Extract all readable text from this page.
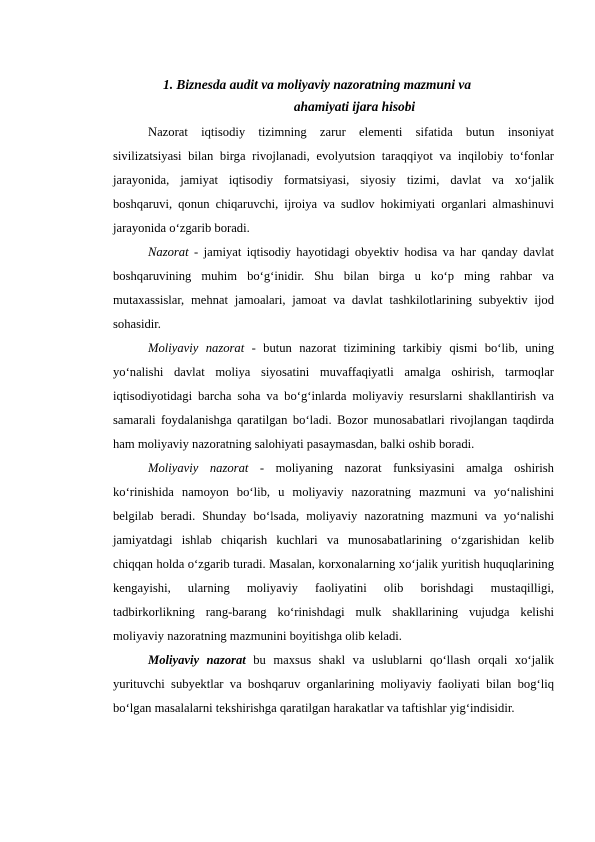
1. Biznesda audit va moliyaviy nazoratning mazmuni va
ahamiyati ijara hisobi

Nazorat iqtisodiy tizimning zarur elementi sifatida butun insoniyat sivilizatsiyasi bilan birga rivojlanadi, evolyutsion taraqqiyot va inqilobiy to‘fonlar jarayonida, jamiyat iqtisodiy formatsiyasi, siyosiy tizimi, davlat va xo‘jalik boshqaruvi, qonun chiqaruvchi, ijroiya va sudlov hokimiyati organlari almashinuvi jarayonida o‘zgarib boradi.

Nazorat - jamiyat iqtisodiy hayotidagi obyektiv hodisa va har qanday davlat boshqaruvining muhim bo‘g‘inidir. Shu bilan birga u ko‘p ming rahbar va mutaxassislar, mehnat jamoalari, jamoat va davlat tashkilotlarining subyektiv ijod sohasidir.

Moliyaviy nazorat - butun nazorat tizimining tarkibiy qismi bo‘lib, uning yo‘nalishi davlat moliya siyosatini muvaffaqiyatli amalga oshirish, tarmoqlar iqtisodiyotidagi barcha soha va bo‘g‘inlarda moliyaviy resurslarni shakllantirish va samarali foydalanishga qaratilgan bo‘ladi. Bozor munosabatlari rivojlangan taqdirda ham moliyaviy nazoratning salohiyati pasaymasdan, balki oshib boradi.

Moliyaviy nazorat - moliyaning nazorat funksiyasini amalga oshirish ko‘rinishida namoyon bo‘lib, u moliyaviy nazoratning mazmuni va yo‘nalishini belgilab beradi. Shunday bo‘lsada, moliyaviy nazoratning mazmuni va yo‘nalishi jamiyatdagi ishlab chiqarish kuchlari va munosabatlarining o‘zgarishidan kelib chiqqan holda o‘zgarib turadi. Masalan, korxonalarning xo‘jalik yuritish huquqlarining kengayishi, ularning moliyaviy faoliyatini olib borishdagi mustaqilligi, tadbirkorlikning rang-barang ko‘rinishdagi mulk shakllarining vujudga kelishi moliyaviy nazoratning mazmunini boyitishga olib keladi.

Moliyaviy nazorat bu maxsus shakl va uslublarni qo‘llash orqali xo‘jalik yurituvchi subyektlar va boshqaruv organlarining moliyaviy faoliyati bilan bog‘liq bo‘lgan masalalarni tekshirishga qaratilgan harakatlar va taftishlar yig‘indisidir.
